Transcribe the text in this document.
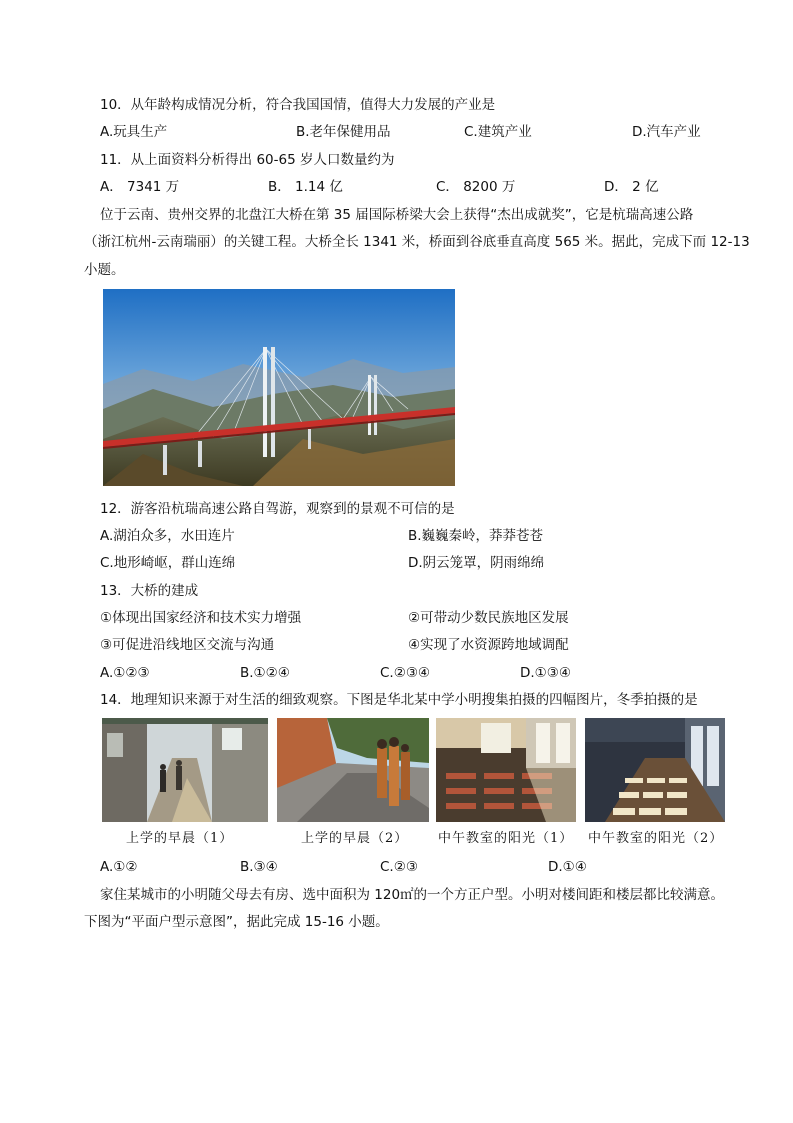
10．从年龄构成情况分析，符合我国国情，值得大力发展的产业是
A.玩具生产	B.老年保健用品	C.建筑产业	D.汽车产业
11．从上面资料分析得出 60-65 岁人口数量约为
A． 7341 万	B． 1.14 亿	C． 8200 万	D． 2 亿
位于云南、贵州交界的北盘江大桥在第 35 届国际桥梁大会上获得“杰出成就奖”，它是杭瑞高速公路
（浙江杭州-云南瑞丽）的关键工程。大桥全长 1341 米，桥面到谷底垂直高度 565 米。据此，完成下而 12-13
小题。
12．游客沿杭瑞高速公路自驾游，观察到的景观不可信的是
A.湖泊众多，水田连片	B.巍巍秦岭，莽莽苍苍
C.地形崎岖，群山连绵	D.阴云笼罩，阴雨绵绵
13．大桥的建成
①体现出国家经济和技术实力增强	②可带动少数民族地区发展
③可促进沿线地区交流与沟通	④实现了水资源跨地域调配
A.①②③	B.①②④	C.②③④	D.①③④
14．地理知识来源于对生活的细致观察。下图是华北某中学小明搜集拍摄的四幅图片，冬季拍摄的是
上学的早晨（1）	上学的早晨（2） 中午教室的阳光（1） 中午教室的阳光（2）
A.①②	B.③④	C.②③	D.①④
家住某城市的小明随父母去有房、选中面积为 120㎡的一个方正户型。小明对楼间距和楼层都比较满意。
下图为“平面户型示意图”，据此完成 15-16 小题。
